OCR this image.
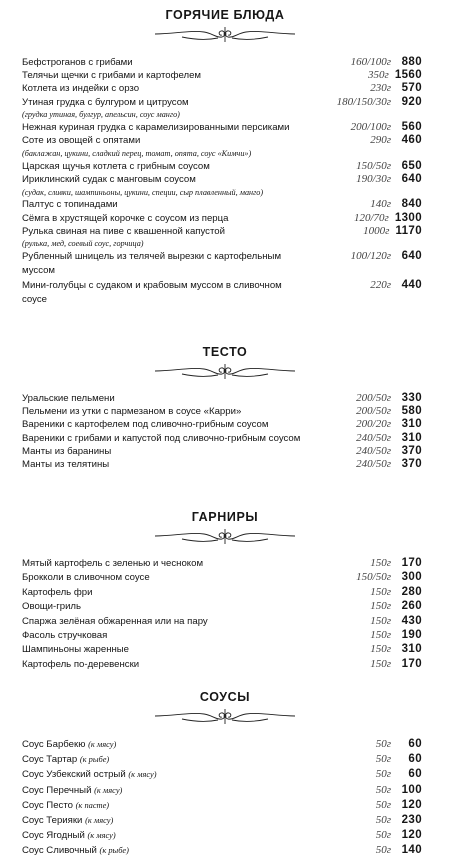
ГОРЯЧИЕ БЛЮДА
Бефстроганов с грибами	160/100г 880
Телячьи щечки с грибами и картофелем	350г 1560
Котлета из индейки с орзо	230г 570
Утиная грудка с булгуром и цитрусом
(грудка утиная, булгур, апельсин, соус манго)
180/150/30г 920
Нежная куриная грудка с карамелизированными персиками	200/100г 560
Соте из овощей с опятами
(баклажан, цукини, сладкий перец, томат, опята, соус «Кимчи»)
290г 460
Царская щучья котлета с грибным соусом	150/50г 650
Ириклинский судак с манговым соусом
(судак, сливки, шампиньоны, цукини, специи, сыр плавленный, манго)
190/30г 640
Палтус с топинадами	140г 840
Сёмга в хрустящей корочке с соусом из перца	120/70г 1300
Рулька свиная на пиве с квашенной капустой
(рулька, мед, соевый соус, горчица)
1000г 1170
Рубленный шницель из телячей вырезки с картофельным муссом
100/120г 640
Мини-голубцы с судаком и крабовым муссом в сливочном соусе
220г 440
ТЕСТО
Уральские пельмени	200/50г 330
Пельмени из утки с пармезаном в соусе «Карри»	200/50г 580
Вареники с картофелем под сливочно-грибным соусом	200/20г 310
Вареники с грибами и капустой под сливочно-грибным соусом	240/50г 310
Манты из баранины	240/50г 370
Манты из телятины	240/50г 370
ГАРНИРЫ
Мятый картофель с зеленью и чесноком	150г 170
Брокколи в сливочном соусе	150/50г 300
Картофель фри	150г 280
Овощи-гриль	150г 260
Спаржа зелёная обжаренная или на пару	150г 430
Фасоль стручковая	150г 190
Шампиньоны жаренные	150г 310
Картофель по-деревенски	150г 170
СОУСЫ
Соус Барбекю (к мясу)	50г 60
Соус Тартар (к рыбе)	50г 60
Соус Узбекский острый (к мясу)	50г 60
Соус Перечный (к мясу)	50г 100
Соус Песто (к пасте)	50г 120
Соус Терияки (к мясу)	50г 230
Соус Ягодный (к мясу)	50г 120
Соус Сливочный (к рыбе)	50г 140
